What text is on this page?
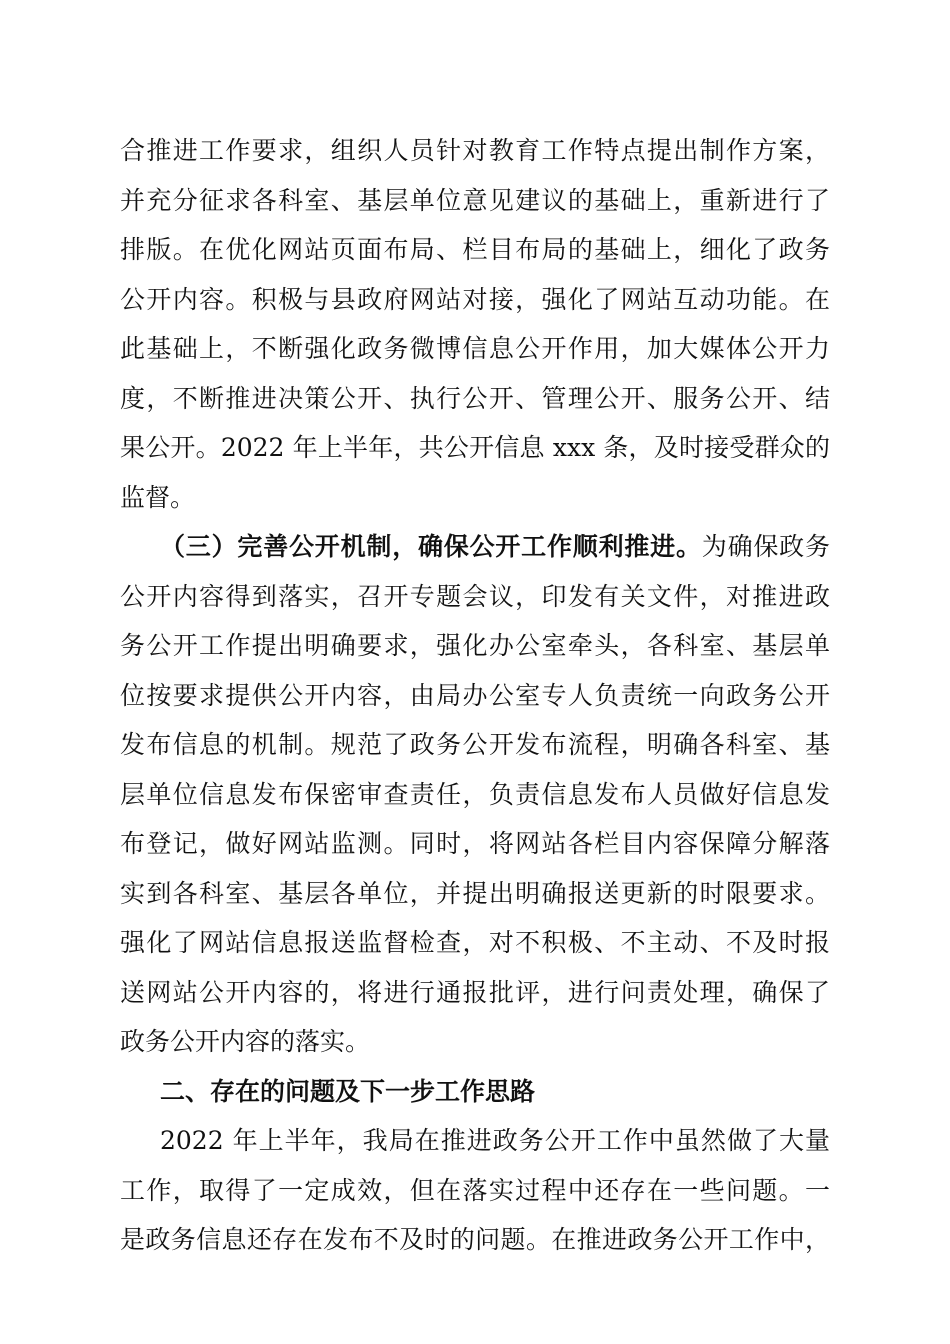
合推进工作要求，组织人员针对教育工作特点提出制作方案，
并充分征求各科室、基层单位意见建议的基础上，重新进行了
排版。在优化网站页面布局、栏目布局的基础上，细化了政务
公开内容。积极与县政府网站对接，强化了网站互动功能。在
此基础上，不断强化政务微博信息公开作用，加大媒体公开力
度，不断推进决策公开、执行公开、管理公开、服务公开、结
果公开。2022 年上半年，共公开信息 xxx 条，及时接受群众的
监督。
（三）完善公开机制，确保公开工作顺利推进。为确保政务
公开内容得到落实，召开专题会议，印发有关文件，对推进政
务公开工作提出明确要求，强化办公室牵头，各科室、基层单
位按要求提供公开内容，由局办公室专人负责统一向政务公开
发布信息的机制。规范了政务公开发布流程，明确各科室、基
层单位信息发布保密审查责任，负责信息发布人员做好信息发
布登记，做好网站监测。同时，将网站各栏目内容保障分解落
实到各科室、基层各单位，并提出明确报送更新的时限要求。
强化了网站信息报送监督检查，对不积极、不主动、不及时报
送网站公开内容的，将进行通报批评，进行问责处理，确保了
政务公开内容的落实。
二、存在的问题及下一步工作思路
2022 年上半年，我局在推进政务公开工作中虽然做了大量
工作，取得了一定成效，但在落实过程中还存在一些问题。一
是政务信息还存在发布不及时的问题。在推进政务公开工作中，
